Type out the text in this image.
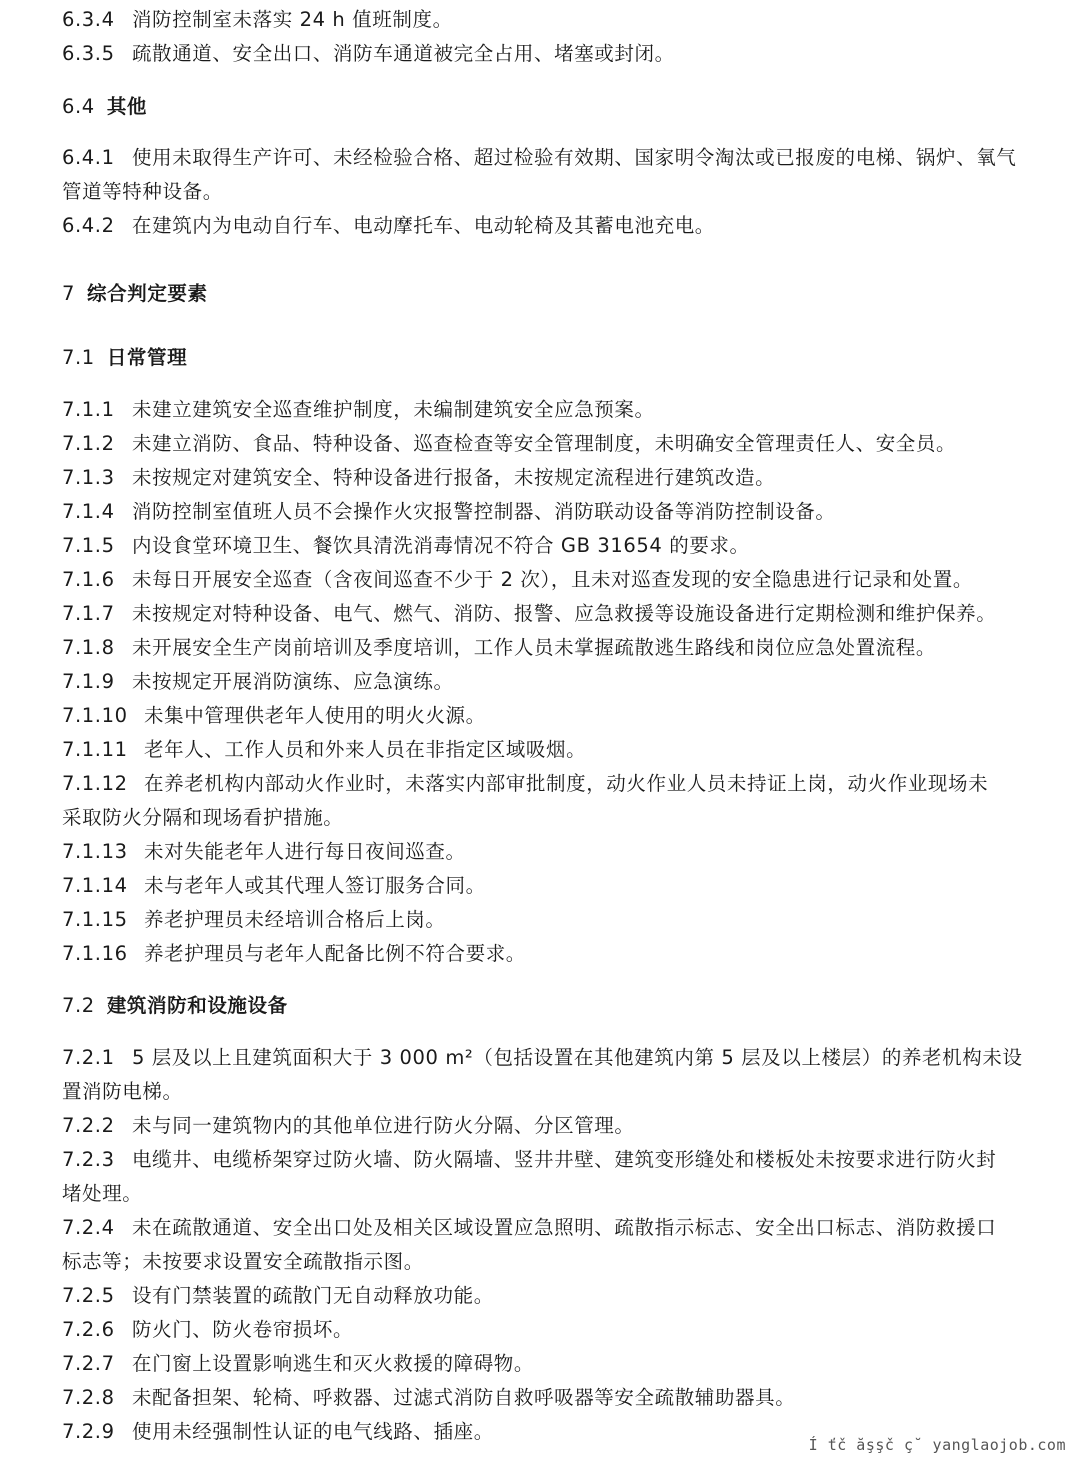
6.3.4 消防控制室未落实 24 h 值班制度。
6.3.5 疏散通道、安全出口、消防车通道被完全占用、堵塞或封闭。
6.4 其他
6.4.1 使用未取得生产许可、未经检验合格、超过检验有效期、国家明令淘汰或已报废的电梯、锅炉、氧气
管道等特种设备。
6.4.2 在建筑内为电动自行车、电动摩托车、电动轮椅及其蓄电池充电。
7 综合判定要素
7.1 日常管理
7.1.1 未建立建筑安全巡查维护制度，未编制建筑安全应急预案。
7.1.2 未建立消防、食品、特种设备、巡查检查等安全管理制度，未明确安全管理责任人、安全员。
7.1.3 未按规定对建筑安全、特种设备进行报备，未按规定流程进行建筑改造。
7.1.4 消防控制室值班人员不会操作火灾报警控制器、消防联动设备等消防控制设备。
7.1.5 内设食堂环境卫生、餐饮具清洗消毒情况不符合 GB 31654 的要求。
7.1.6 未每日开展安全巡查（含夜间巡查不少于 2 次），且未对巡查发现的安全隐患进行记录和处置。
7.1.7 未按规定对特种设备、电气、燃气、消防、报警、应急救援等设施设备进行定期检测和维护保养。
7.1.8 未开展安全生产岗前培训及季度培训，工作人员未掌握疏散逃生路线和岗位应急处置流程。
7.1.9 未按规定开展消防演练、应急演练。
7.1.10 未集中管理供老年人使用的明火火源。
7.1.11 老年人、工作人员和外来人员在非指定区域吸烟。
7.1.12 在养老机构内部动火作业时，未落实内部审批制度，动火作业人员未持证上岗，动火作业现场未
采取防火分隔和现场看护措施。
7.1.13 未对失能老年人进行每日夜间巡查。
7.1.14 未与老年人或其代理人签订服务合同。
7.1.15 养老护理员未经培训合格后上岗。
7.1.16 养老护理员与老年人配备比例不符合要求。
7.2 建筑消防和设施设备
7.2.1 5 层及以上且建筑面积大于 3 000 m²（包括设置在其他建筑内第 5 层及以上楼层）的养老机构未设
置消防电梯。
7.2.2 未与同一建筑物内的其他单位进行防火分隔、分区管理。
7.2.3 电缆井、电缆桥架穿过防火墙、防火隔墙、竖井井壁、建筑变形缝处和楼板处未按要求进行防火封
堵处理。
7.2.4 未在疏散通道、安全出口处及相关区域设置应急照明、疏散指示标志、安全出口标志、消防救援口
标志等；未按要求设置安全疏散指示图。
7.2.5 设有门禁装置的疏散门无自动释放功能。
7.2.6 防火门、防火卷帘损坏。
7.2.7 在门窗上设置影响逃生和灭火救援的障碍物。
7.2.8 未配备担架、轮椅、呼救器、过滤式消防自救呼吸器等安全疏散辅助器具。
7.2.9 使用未经强制性认证的电气线路、插座。
Í ťč ăşşč ç˘ yanglaojob.com
